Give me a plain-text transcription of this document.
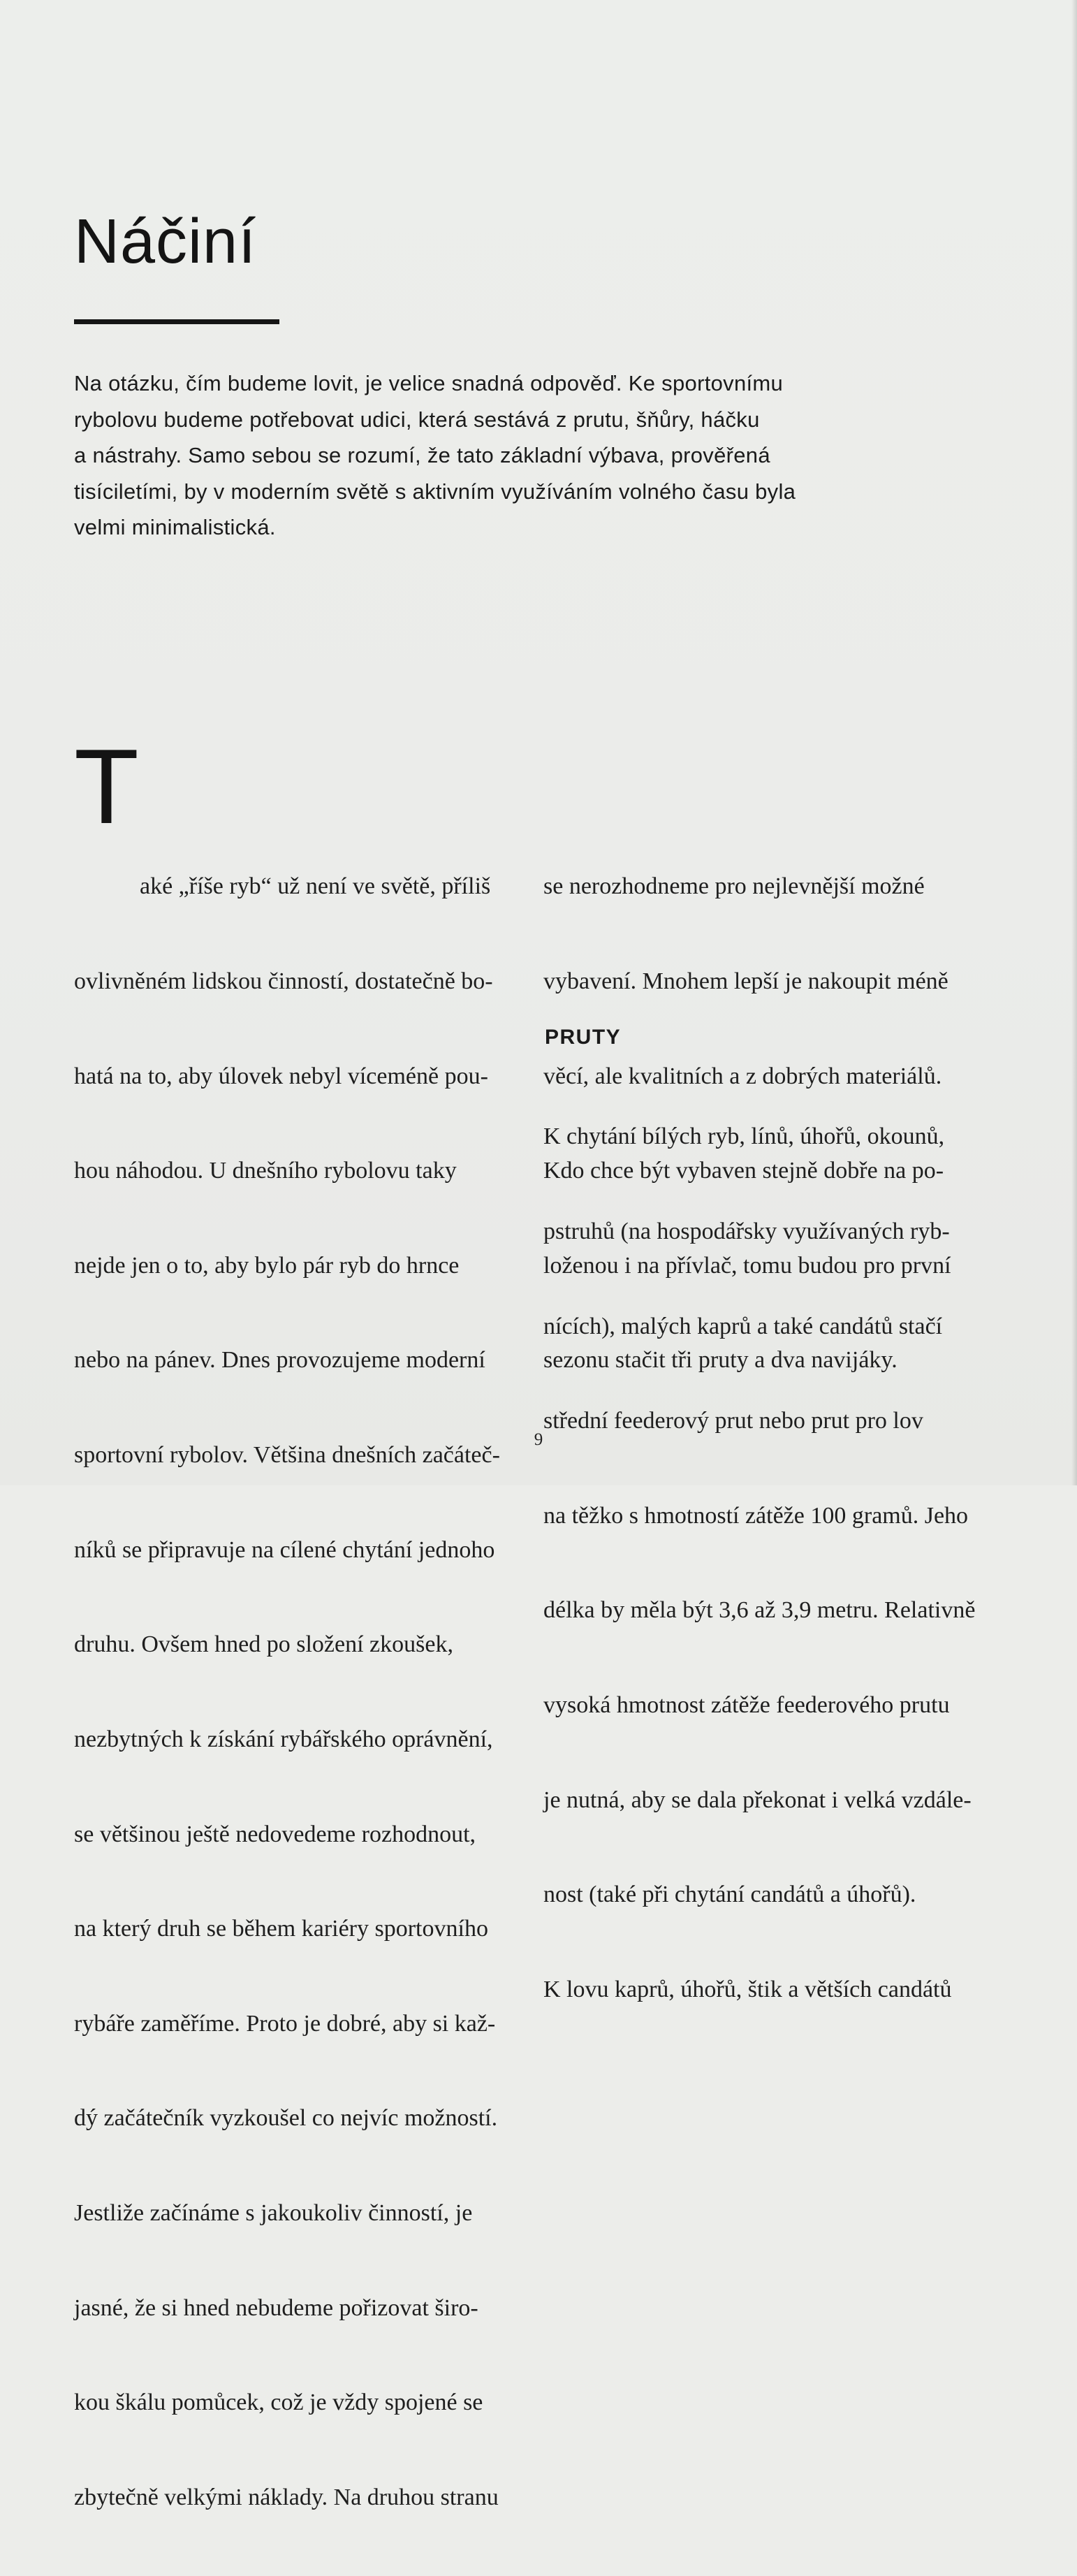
Náčiní

Na otázku, čím budeme lovit, je velice snadná odpověď. Ke sportovnímu
rybolovu budeme potřebovat udici, která sestává z prutu, šňůry, háčku
a nástrahy. Samo sebou se rozumí, že tato základní výbava, prověřená
tisíciletími, by v moderním světě s aktivním využíváním volného času byla
velmi minimalistická.

T

aké „říše ryb“ už není ve světě, příliš

ovlivněném lidskou činností, dostatečně bo-

hatá na to, aby úlovek nebyl víceméně pou-

hou náhodou. U dnešního rybolovu taky

nejde jen o to, aby bylo pár ryb do hrnce

nebo na pánev. Dnes provozujeme moderní

sportovní rybolov. Většina dnešních začáteč-

níků se připravuje na cílené chytání jednoho

druhu. Ovšem hned po složení zkoušek,

nezbytných k získání rybářského oprávnění,

se většinou ještě nedovedeme rozhodnout,

na který druh se během kariéry sportovního

rybáře zaměříme. Proto je dobré, aby si kaž-

dý začátečník vyzkoušel co nejvíc možností.

Jestliže začínáme s jakoukoliv činností, je

jasné, že si hned nebudeme pořizovat širo-

kou škálu pomůcek, což je vždy spojené se

zbytečně velkými náklady. Na druhou stranu

se nerozhodneme pro nejlevnější možné

vybavení. Mnohem lepší je nakoupit méně

věcí, ale kvalitních a z dobrých materiálů.

Kdo chce být vybaven stejně dobře na po-

loženou i na přívlač, tomu budou pro první

sezonu stačit tři pruty a dva navijáky.

PRUTY

K chytání bílých ryb, línů, úhořů, okounů,

pstruhů (na hospodářsky využívaných ryb-

nících), malých kaprů a také candátů stačí

střední feederový prut nebo prut pro lov

na těžko s hmotností zátěže 100 gramů. Jeho

délka by měla být 3,6 až 3,9 metru. Relativně

vysoká hmotnost zátěže feederového prutu

je nutná, aby se dala překonat i velká vzdále-

nost (také při chytání candátů a úhořů).

K lovu kaprů, úhořů, štik a větších candátů

9
